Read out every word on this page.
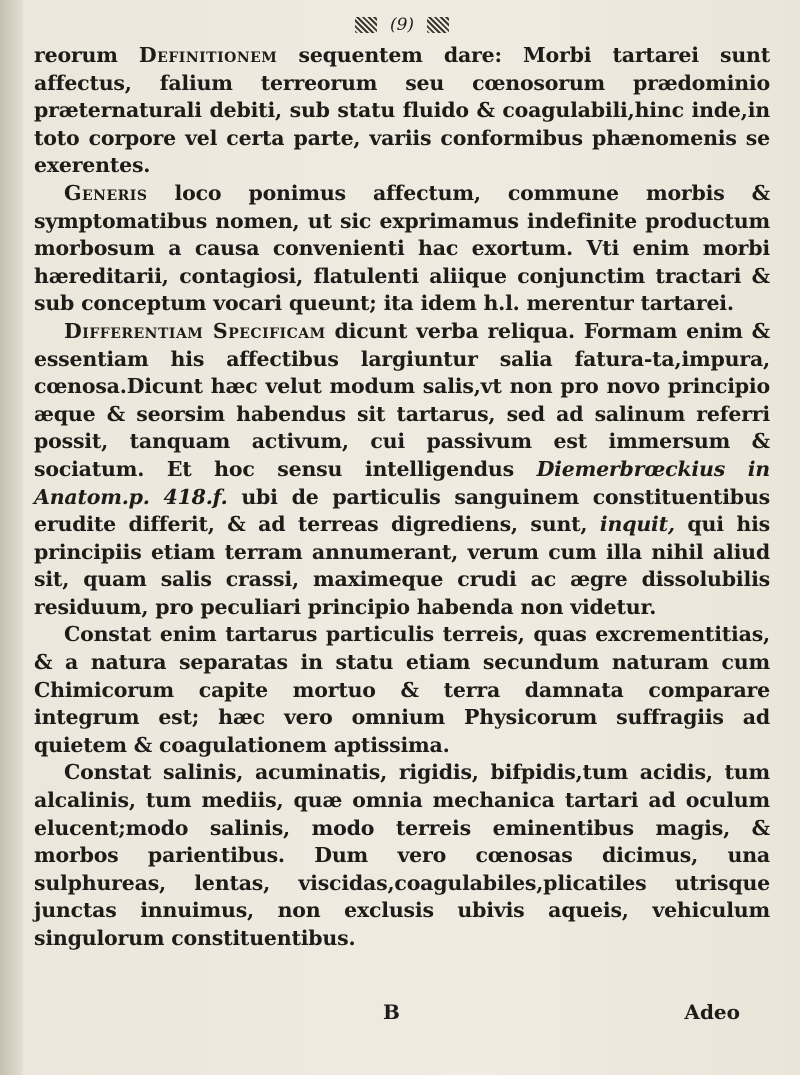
(9)

reorum Definitionem sequentem dare: Morbi tartarei sunt affectus, falium terreorum seu cœnosorum prædominio præternaturali debiti, sub statu fluido & coagulabili,hinc inde,in toto corpore vel certa parte, variis conformibus phænomenis se exerentes.

Generis loco ponimus affectum, commune morbis & symptomatibus nomen, ut sic exprimamus indefinite productum morbosum a causa convenienti hac exortum. Vti enim morbi hæreditarii, contagiosi, flatulenti aliique conjunctim tractari & sub conceptum vocari queunt; ita idem h.l. merentur tartarei.

Differentiam Specificam dicunt verba reliqua. Formam enim & essentiam his affectibus largiuntur salia fatura-ta,impura, cœnosa.Dicunt hæc velut modum salis,vt non pro novo principio æque & seorsim habendus sit tartarus, sed ad salinum referri possit, tanquam activum, cui passivum est immersum & sociatum. Et hoc sensu intelligendus Diemerbrœckius in Anatom.p. 418.f. ubi de particulis sanguinem constituentibus erudite differit, & ad terreas digrediens, sunt, inquit, qui his principiis etiam terram annumerant, verum cum illa nihil aliud sit, quam salis crassi, maximeque crudi ac ægre dissolubilis residuum, pro peculiari principio habenda non videtur.

Constat enim tartarus particulis terreis, quas excrementitias, & a natura separatas in statu etiam secundum naturam cum Chimicorum capite mortuo & terra damnata comparare integrum est; hæc vero omnium Physicorum suffragiis ad quietem & coagulationem aptissima.

Constat salinis, acuminatis, rigidis, bifpidis,tum acidis, tum alcalinis, tum mediis, quæ omnia mechanica tartari ad oculum elucent;modo salinis, modo terreis eminentibus magis, & morbos parientibus. Dum vero cœnosas dicimus, una sulphureas, lentas, viscidas,coagulabiles,plicatiles utrisque junctas innuimus, non exclusis ubivis aqueis, vehiculum singulorum constituentibus.

B	Adeo
